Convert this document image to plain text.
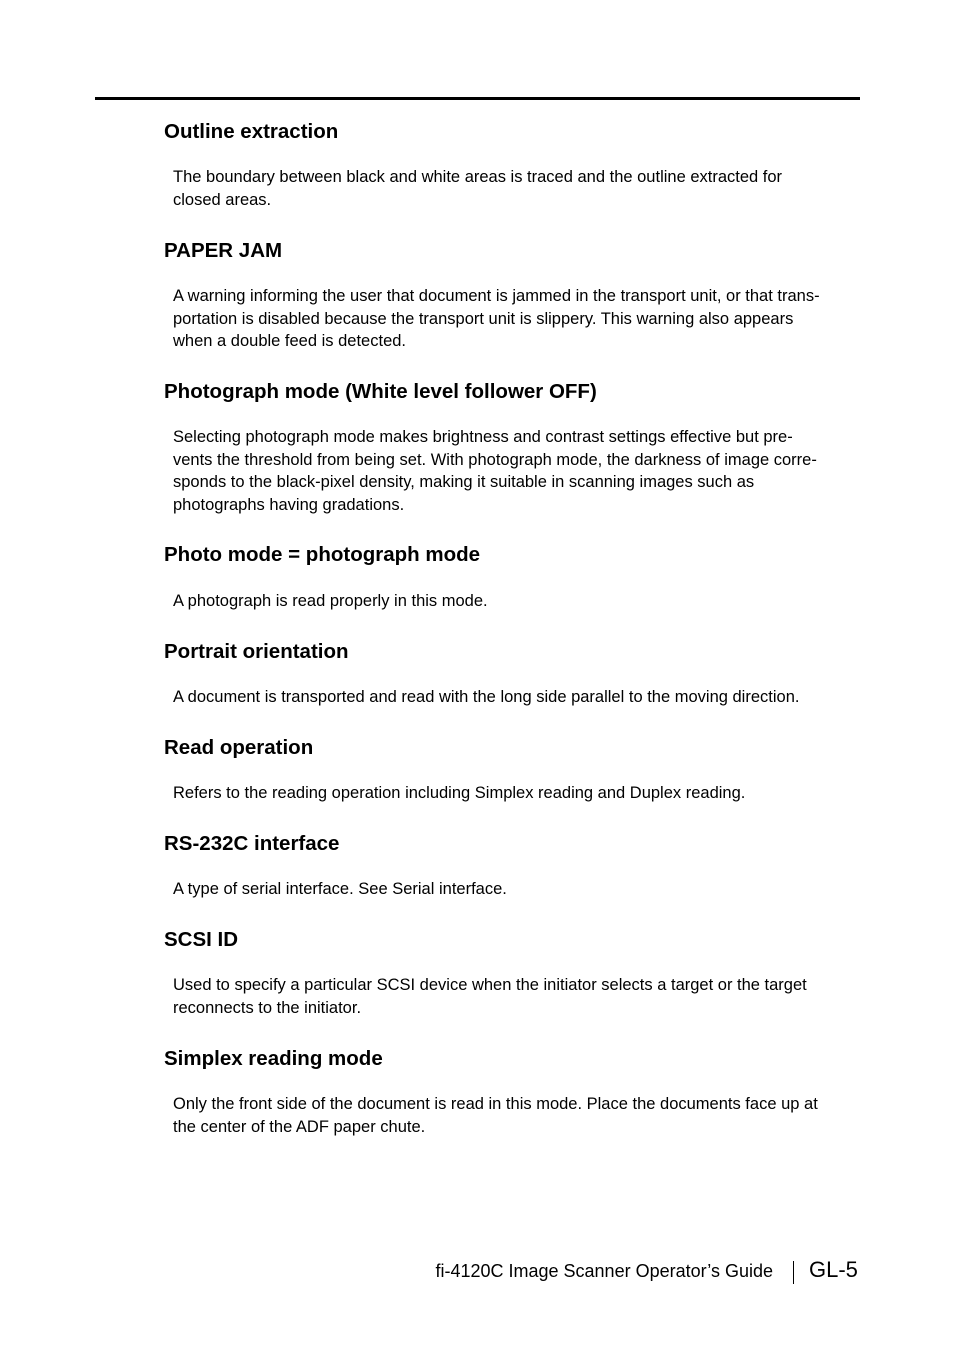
Outline extraction

The boundary between black and white areas is traced and the outline extracted for
closed areas.

PAPER JAM

A warning informing the user that document is jammed in the transport unit, or that trans-
portation is disabled because the transport unit is slippery. This warning also appears
when a double feed is detected.

Photograph mode (White level follower OFF)

Selecting photograph mode makes brightness and contrast settings effective but pre-
vents the threshold from being set. With photograph mode, the darkness of image corre-
sponds to the black-pixel density, making it suitable in scanning images such as
photographs having gradations.

Photo mode = photograph mode

A photograph is read properly in this mode.

Portrait orientation

A document is transported and read with the long side parallel to the moving direction.

Read operation

Refers to the reading operation including Simplex reading and Duplex reading.

RS-232C interface

A type of serial interface. See Serial interface.

SCSI ID

Used to specify a particular SCSI device when the initiator selects a target or the target
reconnects to the initiator.

Simplex reading mode

Only the front side of the document is read in this mode. Place the documents face up at
the center of the ADF paper chute.

fi-4120C Image Scanner Operator’s Guide GL-5
